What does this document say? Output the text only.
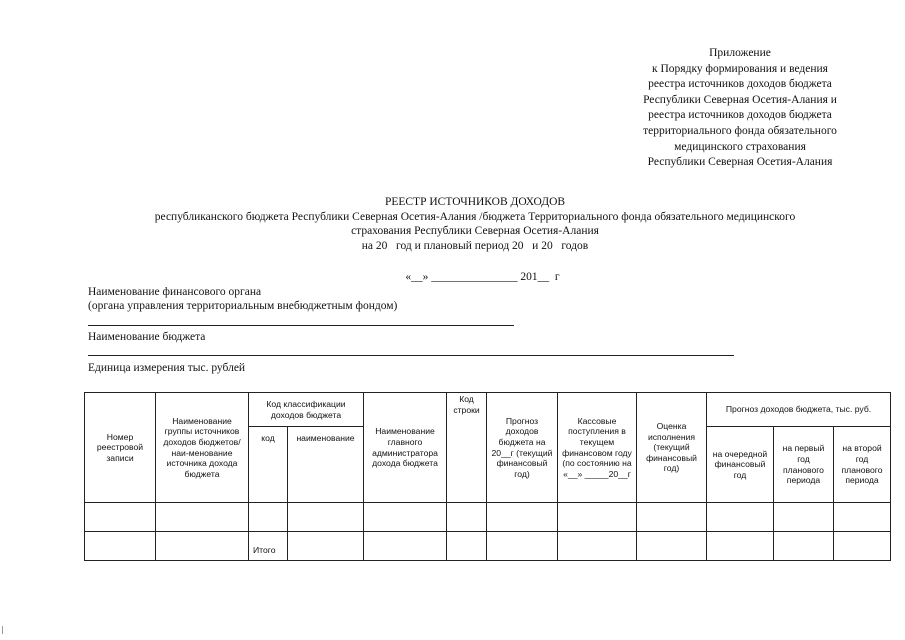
Приложение
к Порядку формирования и ведения
реестра источников доходов бюджета
Республики Северная Осетия-Алания и
реестра источников доходов бюджета
территориального фонда обязательного
медицинского страхования
Республики Северная Осетия-Алания
РЕЕСТР ИСТОЧНИКОВ ДОХОДОВ
республиканского бюджета Республики Северная Осетия-Алания /бюджета Территориального фонда обязательного медицинского
страхования Республики Северная Осетия-Алания
на 20   год и плановый период 20   и 20   годов
«__» _______________ 201__  г
Наименование финансового органа
(органа управления территориальным внебюджетным фондом)
Наименование бюджета
Единица измерения тыс. рублей
Номер реестровой записи	Наименование группы источников доходов бюджетов/наи-менование источника дохода бюджета	Код классификации доходов бюджета		Наименование главного администратора дохода бюджета	Код строки	Прогноз доходов бюджета на 20__г (текущий финансовый год)	Кассовые поступления в текущем финансовом году (по состоянию на «__» _____20__г	Оценка исполнения (текущий финансовый год)	Прогноз доходов бюджета, тыс. руб.		
		код	наименование						на очередной финансовый год	на первый год планового периода	на второй год планового периода

		Итого									
